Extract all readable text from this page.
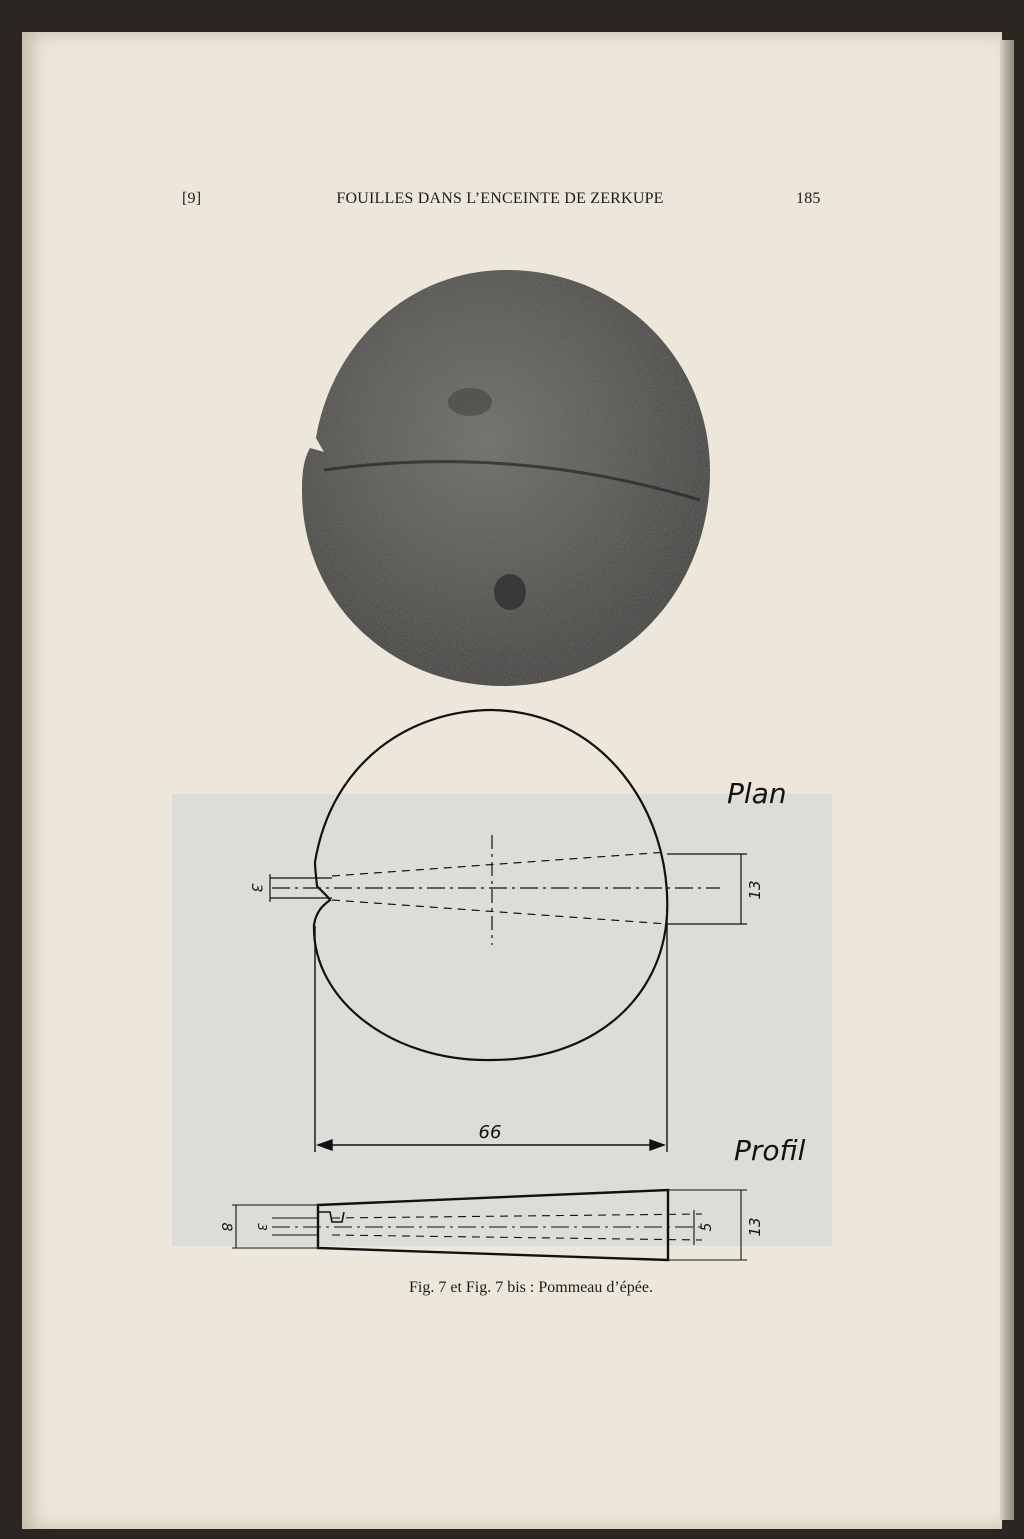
[9]	FOUILLES DANS L’ENCEINTE DE ZERKUPE	185
Plan
3	13
66
Profil
8 3	5 13
Fig. 7 et Fig. 7 bis : Pommeau d’épée.
